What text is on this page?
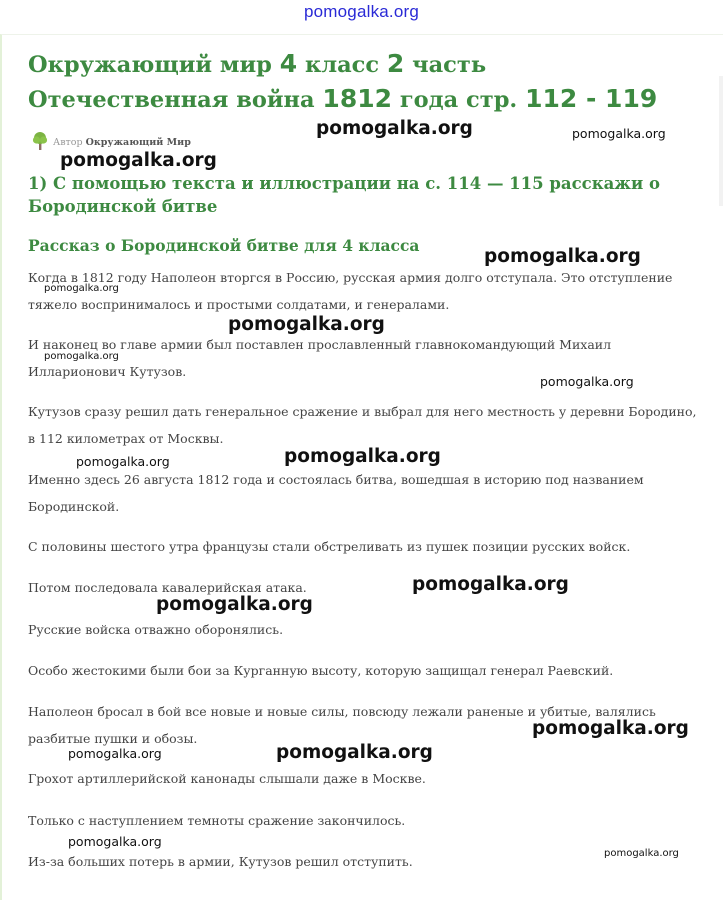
pomogalka.org
Окружающий мир 4 класс 2 часть Отечественная война 1812 года стр. 112 - 119
Автор Окружающий Мир
1) С помощью текста и иллюстрации на с. 114 — 115 расскажи о Бородинской битве
Рассказ о Бородинской битве для 4 класса

Когда в 1812 году Наполеон вторгся в Россию, русская армия долго отступала. Это отступление тяжело воспринималось и простыми солдатами, и генералами.

И наконец во главе армии был поставлен прославленный главнокомандующий Михаил Илларионович Кутузов.

Кутузов сразу решил дать генеральное сражение и выбрал для него местность у деревни Бородино, в 112 километрах от Москвы.

Именно здесь 26 августа 1812 года и состоялась битва, вошедшая в историю под названием Бородинской.

С половины шестого утра французы стали обстреливать из пушек позиции русских войск.

Потом последовала кавалерийская атака.

Русские войска отважно оборонялись.

Особо жестокими были бои за Курганную высоту, которую защищал генерал Раевский.

Наполеон бросал в бой все новые и новые силы, повсюду лежали раненые и убитые, валялись разбитые пушки и обозы.

Грохот артиллерийской канонады слышали даже в Москве.

Только с наступлением темноты сражение закончилось.

Из-за больших потерь в армии, Кутузов решил отступить.

pomogalka.org	pomogalka.org
pomogalka.org
pomogalka.org
pomogalka.org
pomogalka.org
pomogalka.org
pomogalka.org
pomogalka.org	pomogalka.org
pomogalka.org
pomogalka.org
pomogalka.org
pomogalka.org	pomogalka.org
pomogalka.org
pomogalka.org
